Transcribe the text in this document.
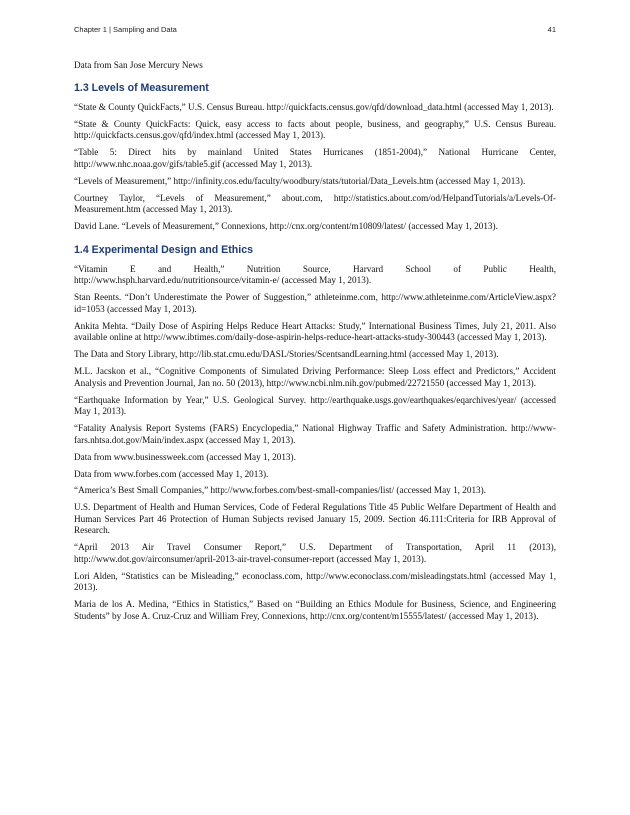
Chapter 1 | Sampling and Data	41

Data from San Jose Mercury News

1.3 Levels of Measurement
“State & County QuickFacts,” U.S. Census Bureau. http://quickfacts.census.gov/qfd/download_data.html (accessed May 1, 2013).
“State & County QuickFacts: Quick, easy access to facts about people, business, and geography,” U.S. Census Bureau. http://quickfacts.census.gov/qfd/index.html (accessed May 1, 2013).
“Table 5: Direct hits by mainland United States Hurricanes (1851-2004),” National Hurricane Center, http://www.nhc.noaa.gov/gifs/table5.gif (accessed May 1, 2013).
“Levels of Measurement,” http://infinity.cos.edu/faculty/woodbury/stats/tutorial/Data_Levels.htm (accessed May 1, 2013).
Courtney Taylor, “Levels of Measurement,” about.com, http://statistics.about.com/od/HelpandTutorials/a/Levels-Of-Measurement.htm (accessed May 1, 2013).
David Lane. “Levels of Measurement,” Connexions, http://cnx.org/content/m10809/latest/ (accessed May 1, 2013).
1.4 Experimental Design and Ethics
“Vitamin E and Health,” Nutrition Source, Harvard School of Public Health, http://www.hsph.harvard.edu/nutritionsource/vitamin-e/ (accessed May 1, 2013).
Stan Reents. “Don’t Underestimate the Power of Suggestion,” athleteinme.com, http://www.athleteinme.com/ArticleView.aspx?id=1053 (accessed May 1, 2013).
Ankita Mehta. “Daily Dose of Aspiring Helps Reduce Heart Attacks: Study,” International Business Times, July 21, 2011. Also available online at http://www.ibtimes.com/daily-dose-aspirin-helps-reduce-heart-attacks-study-300443 (accessed May 1, 2013).
The Data and Story Library, http://lib.stat.cmu.edu/DASL/Stories/ScentsandLearning.html (accessed May 1, 2013).
M.L. Jacskon et al., “Cognitive Components of Simulated Driving Performance: Sleep Loss effect and Predictors,” Accident Analysis and Prevention Journal, Jan no. 50 (2013), http://www.ncbi.nlm.nih.gov/pubmed/22721550 (accessed May 1, 2013).
“Earthquake Information by Year,” U.S. Geological Survey. http://earthquake.usgs.gov/earthquakes/eqarchives/year/ (accessed May 1, 2013).
“Fatality Analysis Report Systems (FARS) Encyclopedia,” National Highway Traffic and Safety Administration. http://www-fars.nhtsa.dot.gov/Main/index.aspx (accessed May 1, 2013).
Data from www.businessweek.com (accessed May 1, 2013).
Data from www.forbes.com (accessed May 1, 2013).
“America’s Best Small Companies,” http://www.forbes.com/best-small-companies/list/ (accessed May 1, 2013).
U.S. Department of Health and Human Services, Code of Federal Regulations Title 45 Public Welfare Department of Health and Human Services Part 46 Protection of Human Subjects revised January 15, 2009. Section 46.111:Criteria for IRB Approval of Research.
“April 2013 Air Travel Consumer Report,” U.S. Department of Transportation, April 11 (2013), http://www.dot.gov/airconsumer/april-2013-air-travel-consumer-report (accessed May 1, 2013).
Lori Alden, “Statistics can be Misleading,” econoclass.com, http://www.econoclass.com/misleadingstats.html (accessed May 1, 2013).
Maria de los A. Medina, “Ethics in Statistics,” Based on “Building an Ethics Module for Business, Science, and Engineering Students” by Jose A. Cruz-Cruz and William Frey, Connexions, http://cnx.org/content/m15555/latest/ (accessed May 1, 2013).
